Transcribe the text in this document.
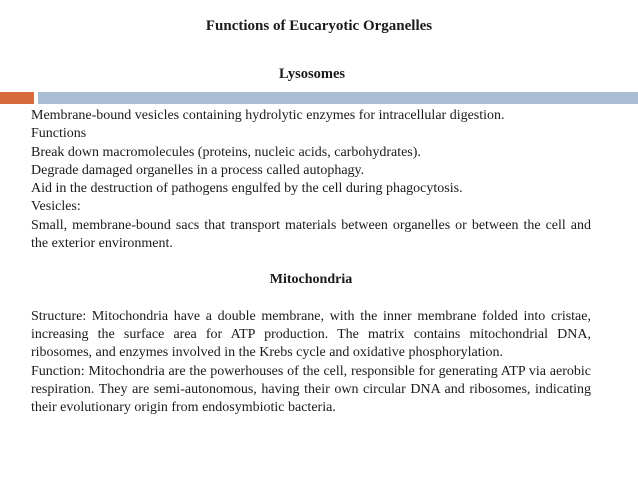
Functions of Eucaryotic Organelles
Lysosomes

Membrane-bound vesicles containing hydrolytic enzymes for intracellular digestion.

Functions

Break down macromolecules (proteins, nucleic acids, carbohydrates).

Degrade damaged organelles in a process called autophagy.

Aid in the destruction of pathogens engulfed by the cell during phagocytosis.

Vesicles:

Small, membrane-bound sacs that transport materials between organelles or between the cell and the exterior environment.

Mitochondria

Structure: Mitochondria have a double membrane, with the inner membrane folded into cristae, increasing the surface area for ATP production. The matrix contains mitochondrial DNA, ribosomes, and enzymes involved in the Krebs cycle and oxidative phosphorylation.

Function: Mitochondria are the powerhouses of the cell, responsible for generating ATP via aerobic respiration. They are semi-autonomous, having their own circular DNA and ribosomes, indicating their evolutionary origin from endosymbiotic bacteria.
